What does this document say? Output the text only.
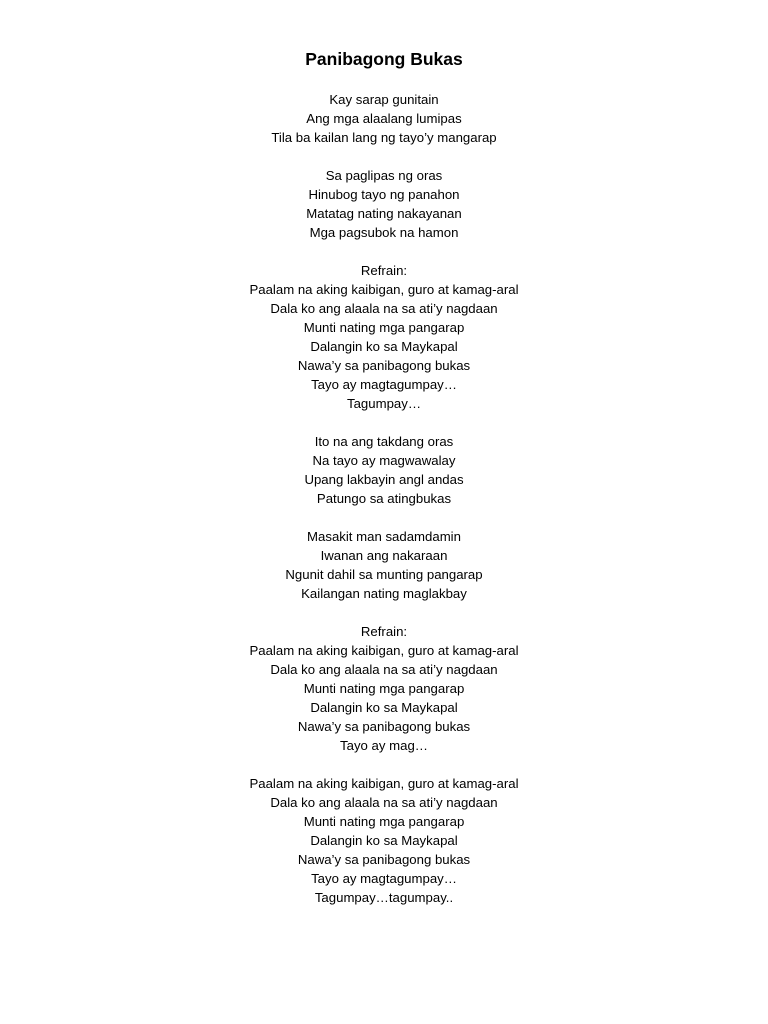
Panibagong Bukas
Kay sarap gunitain
Ang mga alaalang lumipas
Tila ba kailan lang ng tayo’y mangarap
Sa paglipas ng oras
Hinubog tayo ng panahon
Matatag nating nakayanan
Mga pagsubok na hamon
Refrain:
Paalam na aking kaibigan, guro at kamag-aral
Dala ko ang alaala na sa ati’y nagdaan
Munti nating mga pangarap
Dalangin ko sa Maykapal
Nawa’y sa panibagong bukas
Tayo ay magtagumpay…
Tagumpay…
Ito na ang takdang oras
Na tayo ay magwawalay
Upang lakbayin angl andas
Patungo sa atingbukas
Masakit man sadamdamin
Iwanan ang nakaraan
Ngunit dahil sa munting pangarap
Kailangan nating maglakbay
Refrain:
Paalam na aking kaibigan, guro at kamag-aral
Dala ko ang alaala na sa ati’y nagdaan
Munti nating mga pangarap
Dalangin ko sa Maykapal
Nawa’y sa panibagong bukas
Tayo ay mag…
Paalam na aking kaibigan, guro at kamag-aral
Dala ko ang alaala na sa ati’y nagdaan
Munti nating mga pangarap
Dalangin ko sa Maykapal
Nawa’y sa panibagong bukas
Tayo ay magtagumpay…
Tagumpay…tagumpay..
